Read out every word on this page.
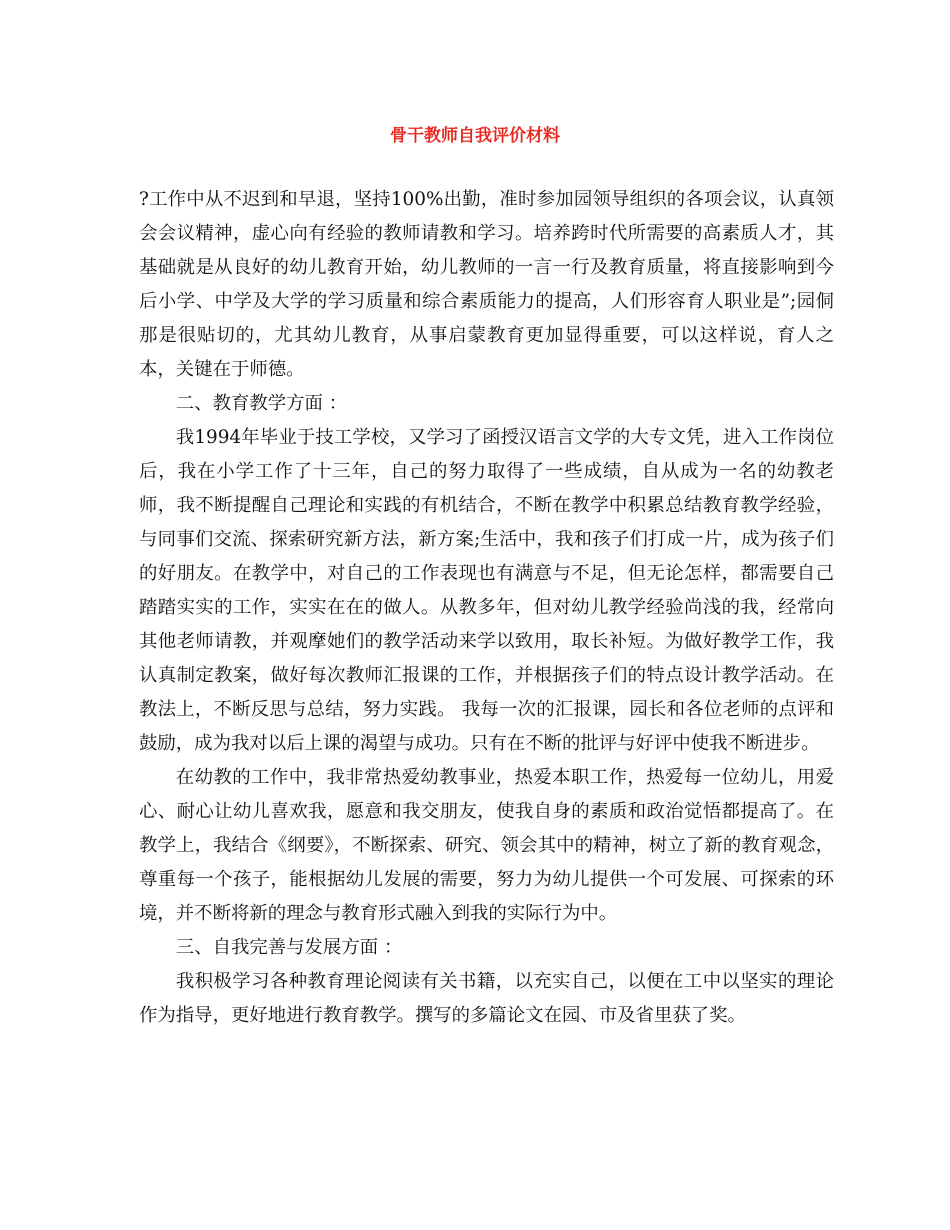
骨干教师自我评价材料

?工作中从不迟到和早退，坚持100%出勤，准时参加园领导组织的各项会议，认真领会会议精神，虚心向有经验的教师请教和学习。培养跨时代所需要的高素质人才，其基础就是从良好的幼儿教育开始，幼儿教师的一言一行及教育质量，将直接影响到今后小学、中学及大学的学习质量和综合素质能力的提高，人们形容育人职业是”;园侗那是很贴切的，尤其幼儿教育，从事启蒙教育更加显得重要，可以这样说，育人之本，关键在于师德。

二、教育教学方面 ：

我1994年毕业于技工学校，又学习了函授汉语言文学的大专文凭，进入工作岗位后，我在小学工作了十三年，自己的努力取得了一些成绩，自从成为一名的幼教老师，我不断提醒自己理论和实践的有机结合，不断在教学中积累总结教育教学经验，与同事们交流、探索研究新方法，新方案;生活中，我和孩子们打成一片，成为孩子们的好朋友。在教学中，对自己的工作表现也有满意与不足，但无论怎样，都需要自己踏踏实实的工作，实实在在的做人。从教多年，但对幼儿教学经验尚浅的我，经常向其他老师请教，并观摩她们的教学活动来学以致用，取长补短。为做好教学工作，我认真制定教案，做好每次教师汇报课的工作，并根据孩子们的特点设计教学活动。在教法上，不断反思与总结，努力实践。 我每一次的汇报课，园长和各位老师的点评和鼓励，成为我对以后上课的渴望与成功。只有在不断的批评与好评中使我不断进步。

在幼教的工作中，我非常热爱幼教事业，热爱本职工作，热爱每一位幼儿，用爱心、耐心让幼儿喜欢我，愿意和我交朋友，使我自身的素质和政治觉悟都提高了。在教学上，我结合《纲要》，不断探索、研究、领会其中的精神，树立了新的教育观念，尊重每一个孩子，能根据幼儿发展的需要，努力为幼儿提供一个可发展、可探索的环境，并不断将新的理念与教育形式融入到我的实际行为中。

三、自我完善与发展方面 ：

我积极学习各种教育理论阅读有关书籍，以充实自己，以便在工中以坚实的理论作为指导，更好地进行教育教学。撰写的多篇论文在园、市及省里获了奖。
